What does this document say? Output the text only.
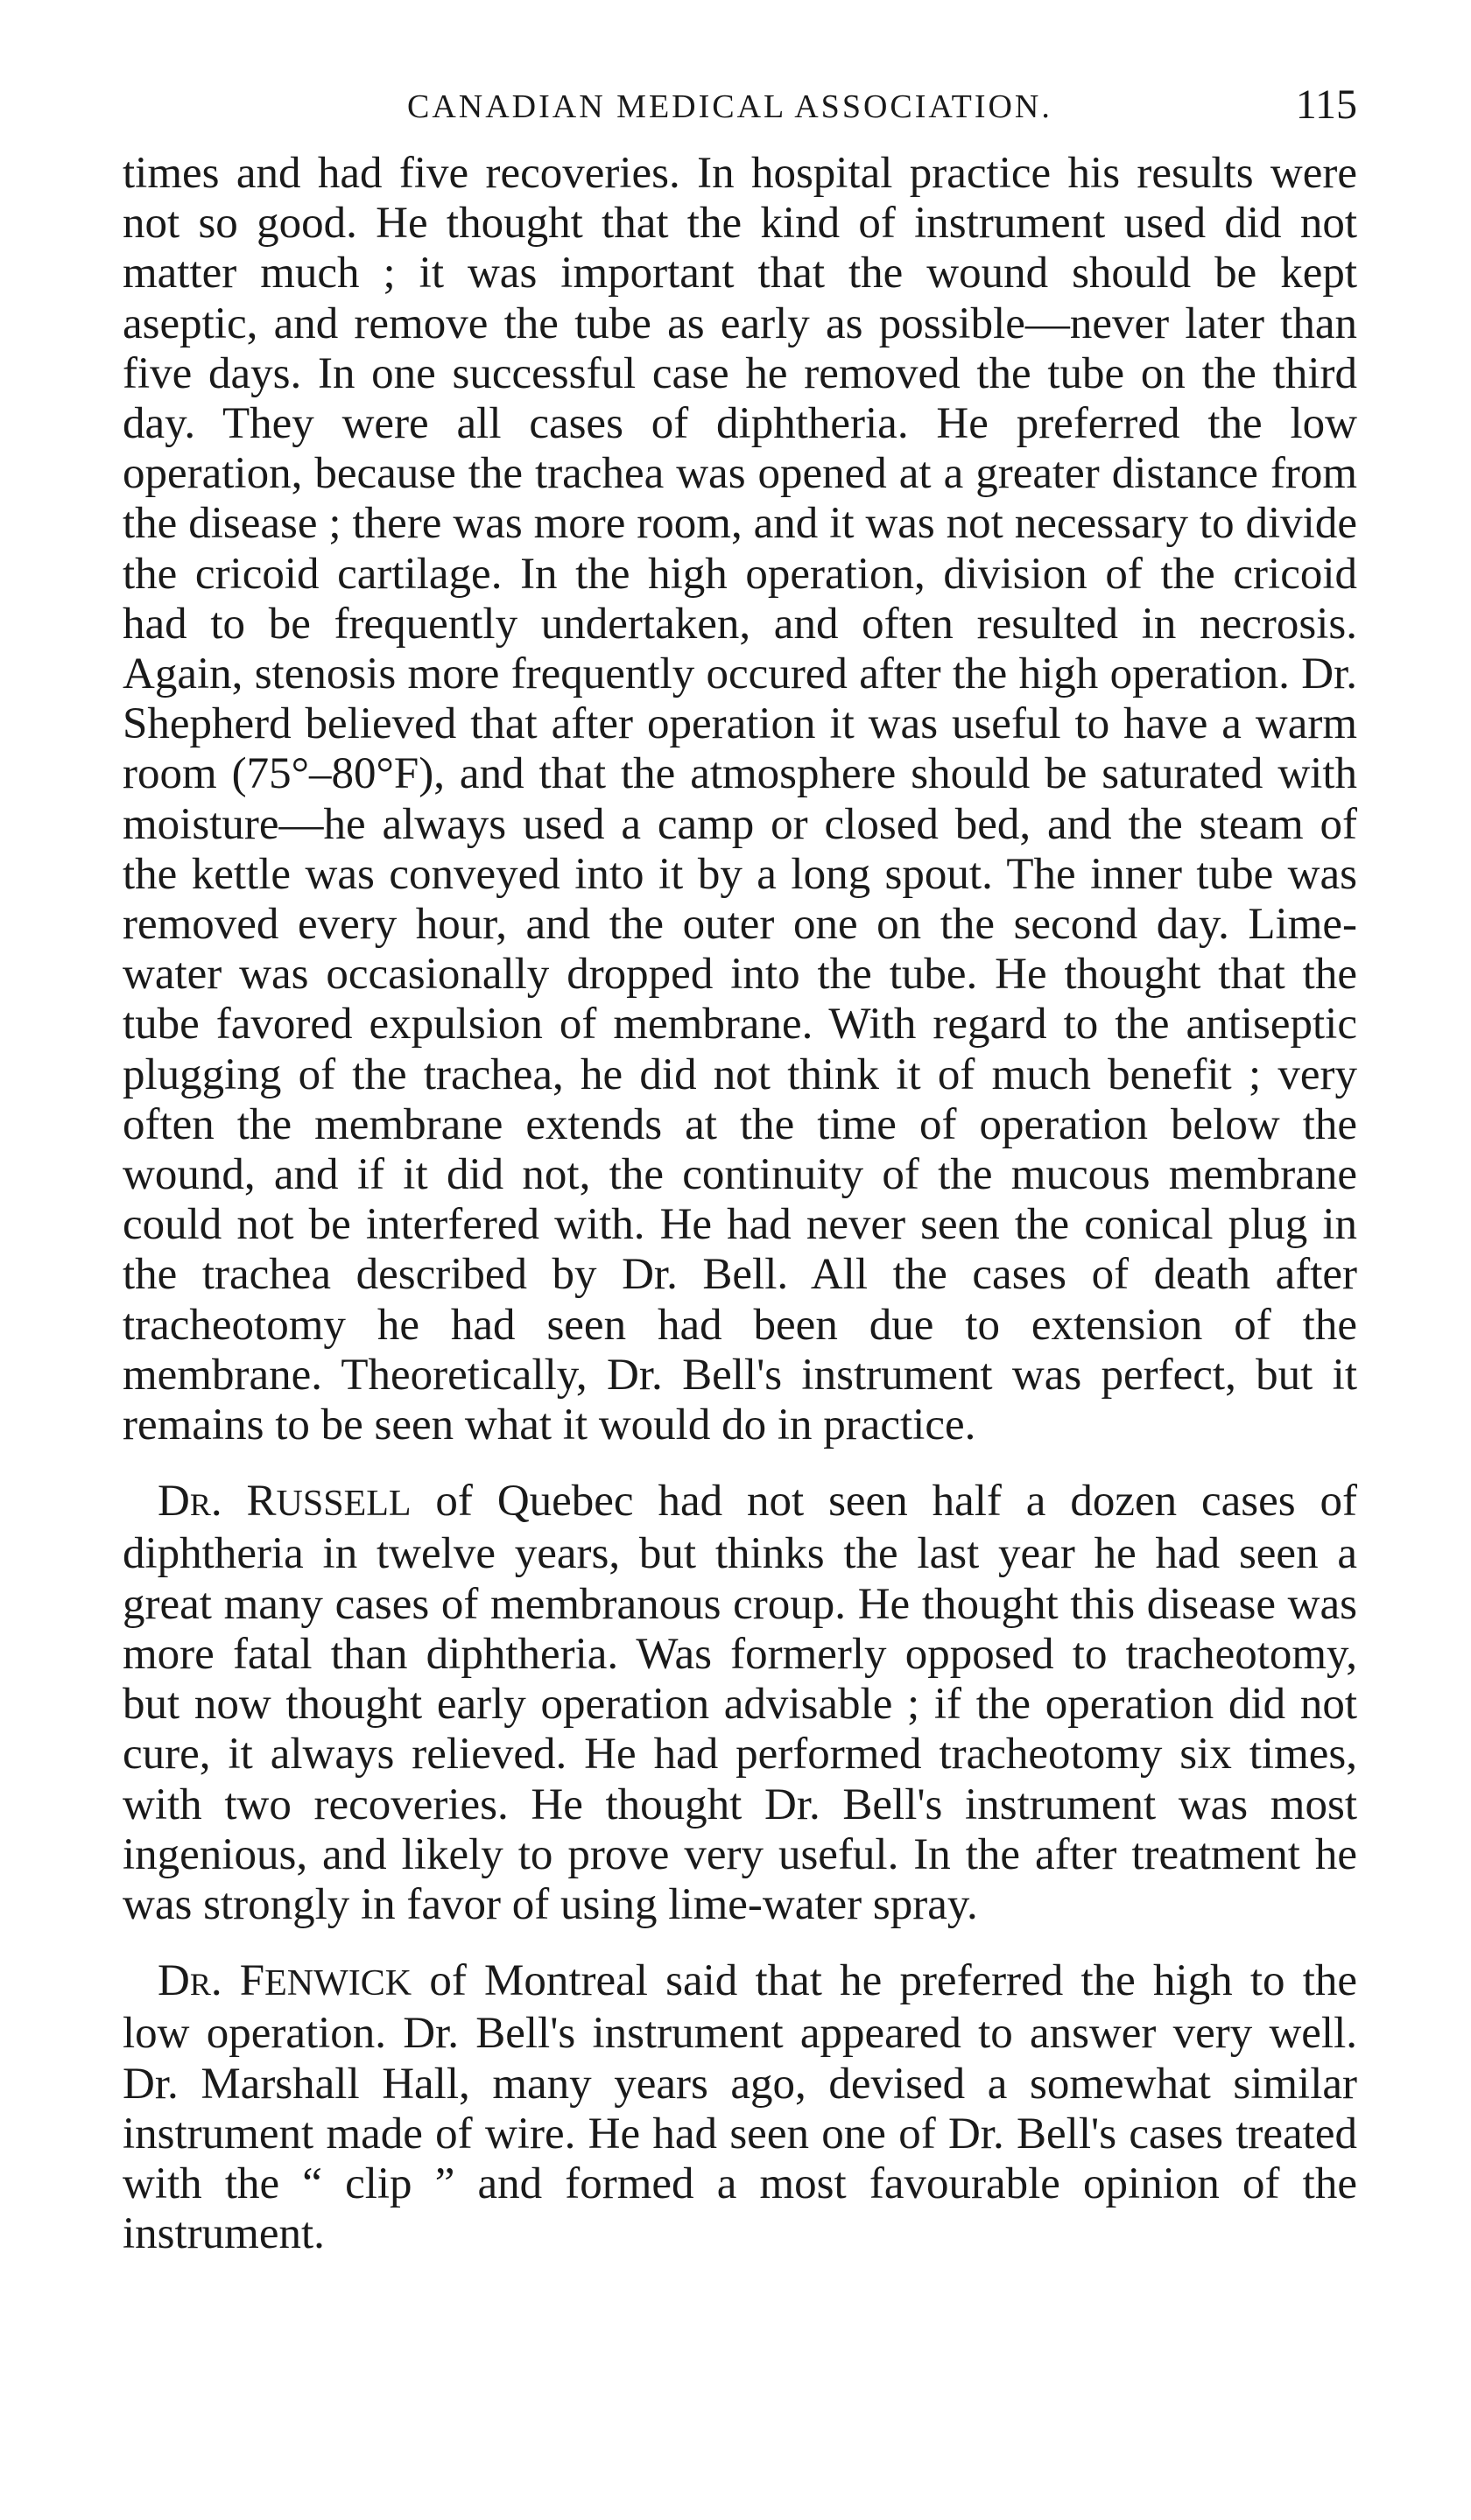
CANADIAN MEDICAL ASSOCIATION.	115

times and had five recoveries. In hospital practice his results were not so good. He thought that the kind of instrument used did not matter much ; it was important that the wound should be kept aseptic, and remove the tube as early as possible—never later than five days. In one successful case he removed the tube on the third day. They were all cases of diphtheria. He preferred the low operation, because the trachea was opened at a greater distance from the disease ; there was more room, and it was not necessary to divide the cricoid cartilage. In the high operation, division of the cricoid had to be frequently undertaken, and often resulted in necrosis. Again, stenosis more frequently occured after the high operation. Dr. Shepherd believed that after operation it was useful to have a warm room (75°–80°F), and that the atmosphere should be saturated with moisture—he always used a camp or closed bed, and the steam of the kettle was conveyed into it by a long spout. The inner tube was removed every hour, and the outer one on the second day. Lime-water was occasionally dropped into the tube. He thought that the tube favored expulsion of membrane. With regard to the antiseptic plugging of the trachea, he did not think it of much benefit ; very often the membrane extends at the time of operation below the wound, and if it did not, the continuity of the mucous membrane could not be interfered with. He had never seen the conical plug in the trachea described by Dr. Bell. All the cases of death after tracheotomy he had seen had been due to extension of the membrane. Theoretically, Dr. Bell's instrument was perfect, but it remains to be seen what it would do in practice.

Dr. RUSSELL of Quebec had not seen half a dozen cases of diphtheria in twelve years, but thinks the last year he had seen a great many cases of membranous croup. He thought this disease was more fatal than diphtheria. Was formerly opposed to tracheotomy, but now thought early operation advisable ; if the operation did not cure, it always relieved. He had performed tracheotomy six times, with two recoveries. He thought Dr. Bell's instrument was most ingenious, and likely to prove very useful. In the after treatment he was strongly in favor of using lime-water spray.

Dr. FENWICK of Montreal said that he preferred the high to the low operation. Dr. Bell's instrument appeared to answer very well. Dr. Marshall Hall, many years ago, devised a somewhat similar instrument made of wire. He had seen one of Dr. Bell's cases treated with the “ clip ” and formed a most favourable opinion of the instrument.
